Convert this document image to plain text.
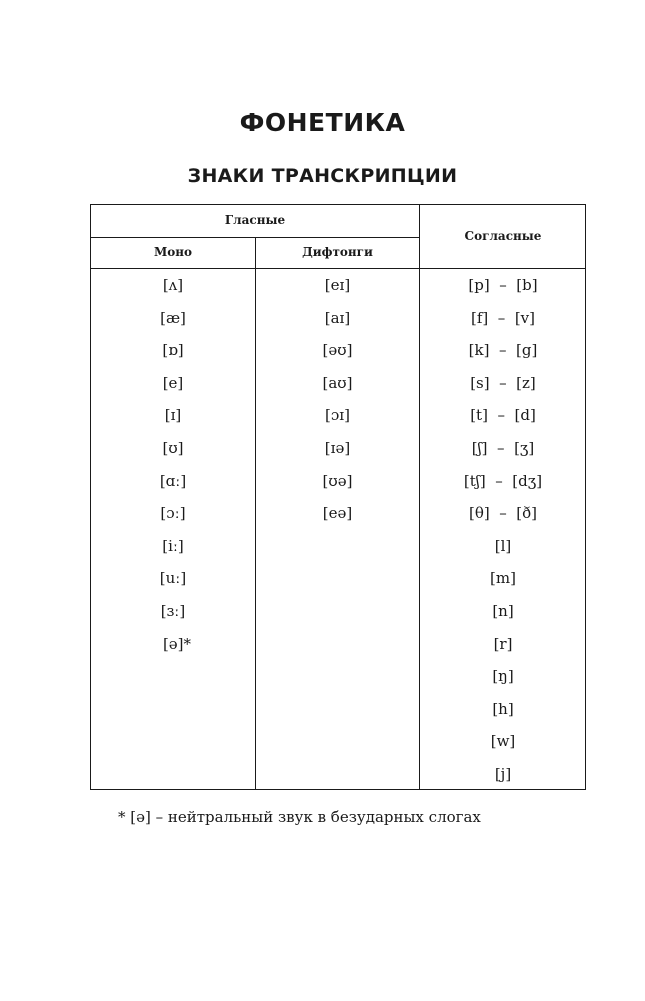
ФОНЕТИКА
ЗНАКИ ТРАНСКРИПЦИИ
Гласные
Согласные
Моно	Дифтонги
[ʌ]
[æ]
[ɒ]
[e]
[ɪ]
[ʊ]
[ɑː]
[ɔː]
[iː]
[uː]
[ɜː]
[ə]*
[eɪ]
[aɪ]
[əʊ]
[aʊ]
[ɔɪ]
[ɪə]
[ʊə]
[eə]
[p]  –  [b]
[f]  –  [v]
[k]  –  [g]
[s]  –  [z]
[t]  –  [d]
[ʃ]  –  [ʒ]
[tʃ]  –  [dʒ]
[θ]  –  [ð]
[l]
[m]
[n]
[r]
[ŋ]
[h]
[w]
[j]
* [ə] – нейтральный звук в безударных слогах
